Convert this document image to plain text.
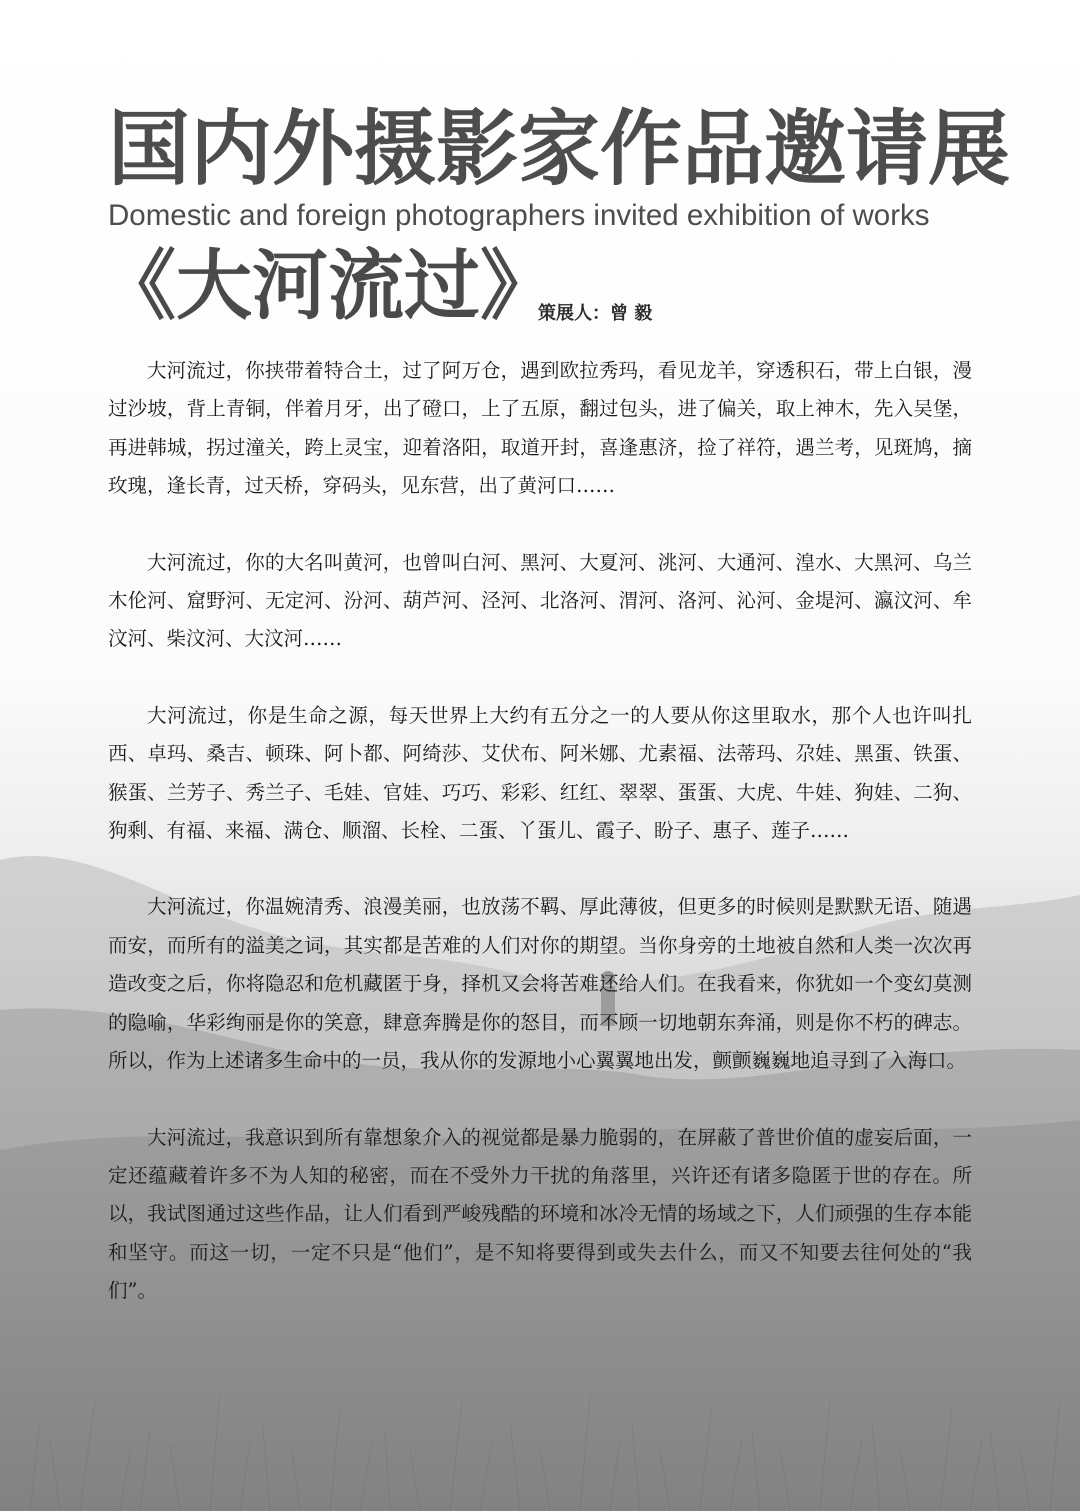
国内外摄影家作品邀请展
Domestic and foreign photographers invited exhibition of works
《大河流过》
策展人：曾 毅

大河流过，你挟带着特合土，过了阿万仓，遇到欧拉秀玛，看见龙羊，穿透积石，带上白银，漫过沙坡，背上青铜，伴着月牙，出了磴口，上了五原，翻过包头，进了偏关，取上神木，先入吴堡，再进韩城，拐过潼关，跨上灵宝，迎着洛阳，取道开封，喜逢惠济，捡了祥符，遇兰考，见斑鸠，摘玫瑰，逢长青，过天桥，穿码头，见东营，出了黄河口……

大河流过，你的大名叫黄河，也曾叫白河、黑河、大夏河、洮河、大通河、湟水、大黑河、乌兰木伦河、窟野河、无定河、汾河、葫芦河、泾河、北洛河、渭河、洛河、沁河、金堤河、瀛汶河、牟汶河、柴汶河、大汶河……

大河流过，你是生命之源，每天世界上大约有五分之一的人要从你这里取水，那个人也许叫扎西、卓玛、桑吉、顿珠、阿卜都、阿绮莎、艾伏布、阿米娜、尤素福、法蒂玛、尕娃、黑蛋、铁蛋、猴蛋、兰芳子、秀兰子、毛娃、官娃、巧巧、彩彩、红红、翠翠、蛋蛋、大虎、牛娃、狗娃、二狗、狗剩、有福、来福、满仓、顺溜、长栓、二蛋、丫蛋儿、霞子、盼子、惠子、莲子……

大河流过，你温婉清秀、浪漫美丽，也放荡不羁、厚此薄彼，但更多的时候则是默默无语、随遇而安，而所有的溢美之词，其实都是苦难的人们对你的期望。当你身旁的土地被自然和人类一次次再造改变之后，你将隐忍和危机藏匿于身，择机又会将苦难还给人们。在我看来，你犹如一个变幻莫测的隐喻，华彩绚丽是你的笑意，肆意奔腾是你的怒目，而不顾一切地朝东奔涌，则是你不朽的碑志。所以，作为上述诸多生命中的一员，我从你的发源地小心翼翼地出发，颤颤巍巍地追寻到了入海口。

大河流过，我意识到所有靠想象介入的视觉都是暴力脆弱的，在屏蔽了普世价值的虚妄后面，一定还蕴藏着许多不为人知的秘密，而在不受外力干扰的角落里，兴许还有诸多隐匿于世的存在。所以，我试图通过这些作品，让人们看到严峻残酷的环境和冰冷无情的场域之下，人们顽强的生存本能和坚守。而这一切，一定不只是“他们”，是不知将要得到或失去什么，而又不知要去往何处的“我们”。
